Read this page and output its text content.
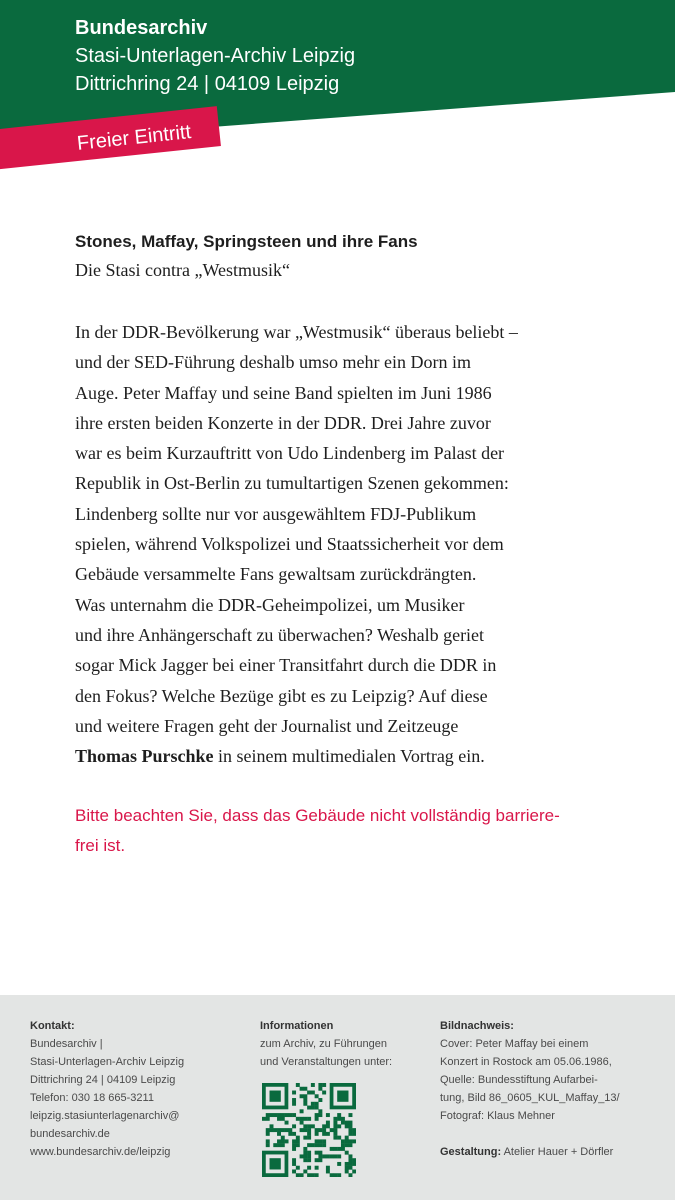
Bundesarchiv
Stasi-Unterlagen-Archiv Leipzig
Dittrichring 24 | 04109 Leipzig
Freier Eintritt
Stones, Maffay, Springsteen und ihre Fans
Die Stasi contra „Westmusik“
In der DDR-Bevölkerung war „Westmusik“ überaus beliebt –
und der SED-Führung deshalb umso mehr ein Dorn im
Auge. Peter Maffay und seine Band spielten im Juni 1986
ihre ersten beiden Konzerte in der DDR. Drei Jahre zuvor
war es beim Kurzauftritt von Udo Lindenberg im Palast der
Republik in Ost-Berlin zu tumultartigen Szenen gekommen:
Lindenberg sollte nur vor ausgewähltem FDJ-Publikum
spielen, während Volkspolizei und Staatssicherheit vor dem
Gebäude versammelte Fans gewaltsam zurückdrängten.
Was unternahm die DDR-Geheimpolizei, um Musiker
und ihre Anhängerschaft zu überwachen? Weshalb geriet
sogar Mick Jagger bei einer Transitfahrt durch die DDR in
den Fokus? Welche Bezüge gibt es zu Leipzig? Auf diese
und weitere Fragen geht der Journalist und Zeitzeuge
Thomas Purschke in seinem multimedialen Vortrag ein.
Bitte beachten Sie, dass das Gebäude nicht vollständig barriere-
frei ist.
Kontakt:
Bundesarchiv |
Stasi-Unterlagen-Archiv Leipzig
Dittrichring 24 | 04109 Leipzig
Telefon: 030 18 665-3211
leipzig.stasiunterlagenarchiv@
bundesarchiv.de
www.bundesarchiv.de/leipzig
Informationen
zum Archiv, zu Führungen
und Veranstaltungen unter:
Bildnachweis:
Cover: Peter Maffay bei einem
Konzert in Rostock am 05.06.1986,
Quelle: Bundesstiftung Aufarbei-
tung, Bild 86_0605_KUL_Maffay_13/
Fotograf: Klaus Mehner
Gestaltung: Atelier Hauer + Dörfler
